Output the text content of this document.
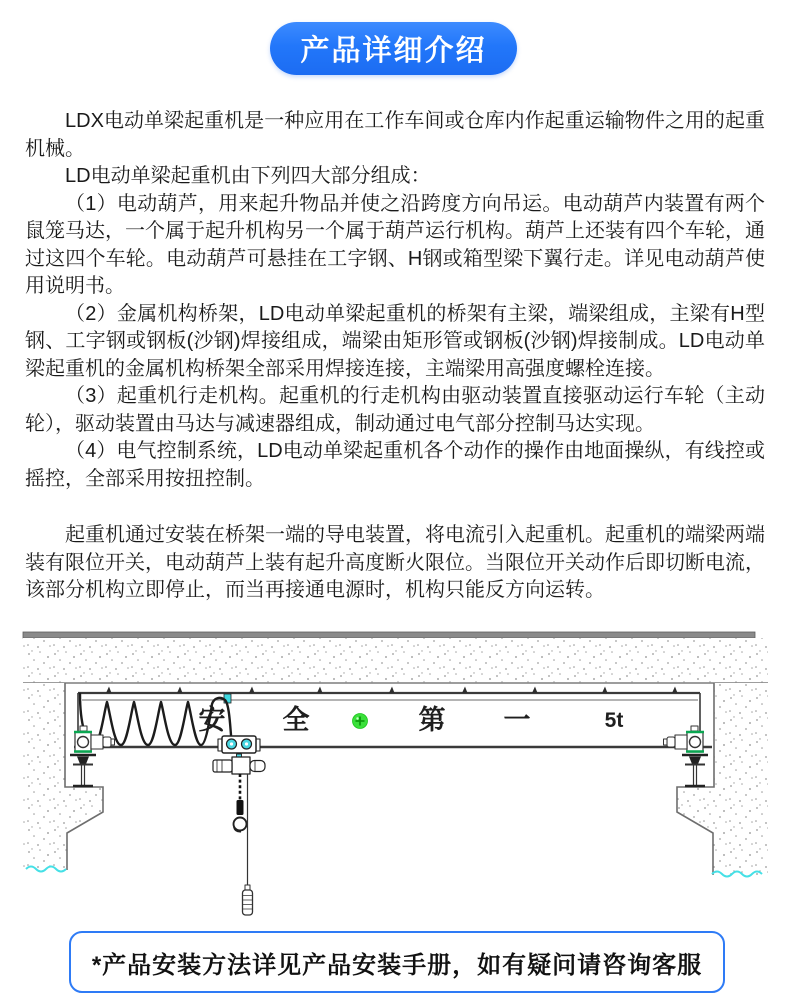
产品详细介绍

LDX电动单梁起重机是一种应用在工作车间或仓库内作起重运输物件之用的起重机械。

LD电动单梁起重机由下列四大部分组成：

（1）电动葫芦，用来起升物品并使之沿跨度方向吊运。电动葫芦内装置有两个鼠笼马达，一个属于起升机构另一个属于葫芦运行机构。葫芦上还装有四个车轮，通过这四个车轮。电动葫芦可悬挂在工字钢、H钢或箱型梁下翼行走。详见电动葫芦使用说明书。

（2）金属机构桥架，LD电动单梁起重机的桥架有主梁，端梁组成，主梁有H型钢、工字钢或钢板(沙钢)焊接组成，端梁由矩形管或钢板(沙钢)焊接制成。LD电动单梁起重机的金属机构桥架全部采用焊接连接，主端梁用高强度螺栓连接。

（3）起重机行走机构。起重机的行走机构由驱动装置直接驱动运行车轮（主动轮），驱动装置由马达与减速器组成，制动通过电气部分控制马达实现。

（4）电气控制系统，LD电动单梁起重机各个动作的操作由地面操纵，有线控或摇控，全部采用按扭控制。

起重机通过安装在桥架一端的导电装置，将电流引入起重机。起重机的端梁两端装有限位开关，电动葫芦上装有起升高度断火限位。当限位开关动作后即切断电流，该部分机构立即停止，而当再接通电源时，机构只能反方向运转。

安 全	第 一	5t
*产品安装方法详见产品安装手册，如有疑问请咨询客服
